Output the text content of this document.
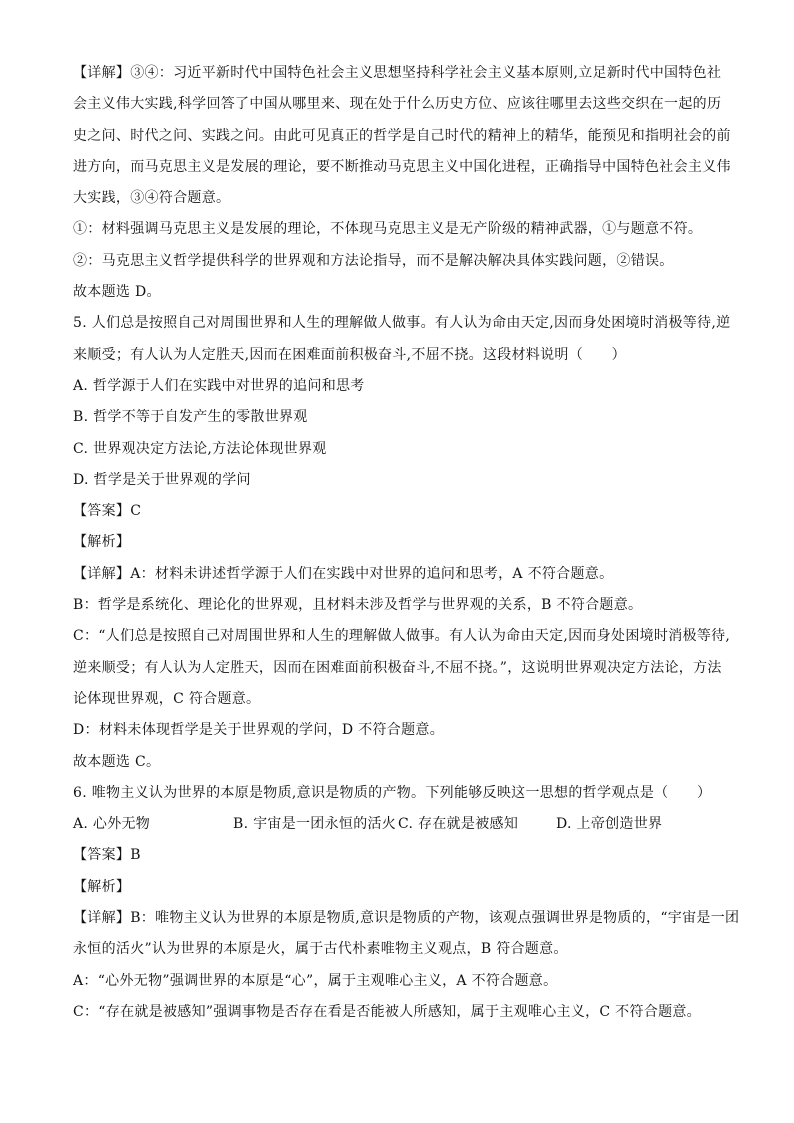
【详解】③④：习近平新时代中国特色社会主义思想坚持科学社会主义基本原则,立足新时代中国特色社
会主义伟大实践,科学回答了中国从哪里来、现在处于什么历史方位、应该往哪里去这些交织在一起的历
史之问、时代之问、实践之问。由此可见真正的哲学是自己时代的精神上的精华，能预见和指明社会的前
进方向，而马克思主义是发展的理论，要不断推动马克思主义中国化进程，正确指导中国特色社会主义伟
大实践，③④符合题意。
①：材料强调马克思主义是发展的理论，不体现马克思主义是无产阶级的精神武器，①与题意不符。
②：马克思主义哲学提供科学的世界观和方法论指导，而不是解决解决具体实践问题，②错误。
故本题选 D。
5. 人们总是按照自己对周围世界和人生的理解做人做事。有人认为命由天定,因而身处困境时消极等待,逆
来顺受；有人认为人定胜天,因而在困难面前积极奋斗,不屈不挠。这段材料说明（　　）
A. 哲学源于人们在实践中对世界的追问和思考
B. 哲学不等于自发产生的零散世界观
C. 世界观决定方法论,方法论体现世界观
D. 哲学是关于世界观的学问
【答案】C
【解析】
【详解】A：材料未讲述哲学源于人们在实践中对世界的追问和思考，A 不符合题意。
B：哲学是系统化、理论化的世界观，且材料未涉及哲学与世界观的关系，B 不符合题意。
C：“人们总是按照自己对周围世界和人生的理解做人做事。有人认为命由天定,因而身处困境时消极等待,
逆来顺受；有人认为人定胜天，因而在困难面前积极奋斗,不屈不挠。”，这说明世界观决定方法论，方法
论体现世界观，C 符合题意。
D：材料未体现哲学是关于世界观的学问，D 不符合题意。
故本题选 C。
6. 唯物主义认为世界的本原是物质,意识是物质的产物。下列能够反映这一思想的哲学观点是（　　）
A. 心外无物	B. 宇宙是一团永恒的活火 C. 存在就是被感知	D. 上帝创造世界
【答案】B
【解析】
【详解】B：唯物主义认为世界的本原是物质,意识是物质的产物，该观点强调世界是物质的，“宇宙是一团
永恒的活火”认为世界的本原是火，属于古代朴素唯物主义观点，B 符合题意。
A：“心外无物”强调世界的本原是“心”，属于主观唯心主义，A 不符合题意。
C：“存在就是被感知”强调事物是否存在看是否能被人所感知，属于主观唯心主义，C 不符合题意。
